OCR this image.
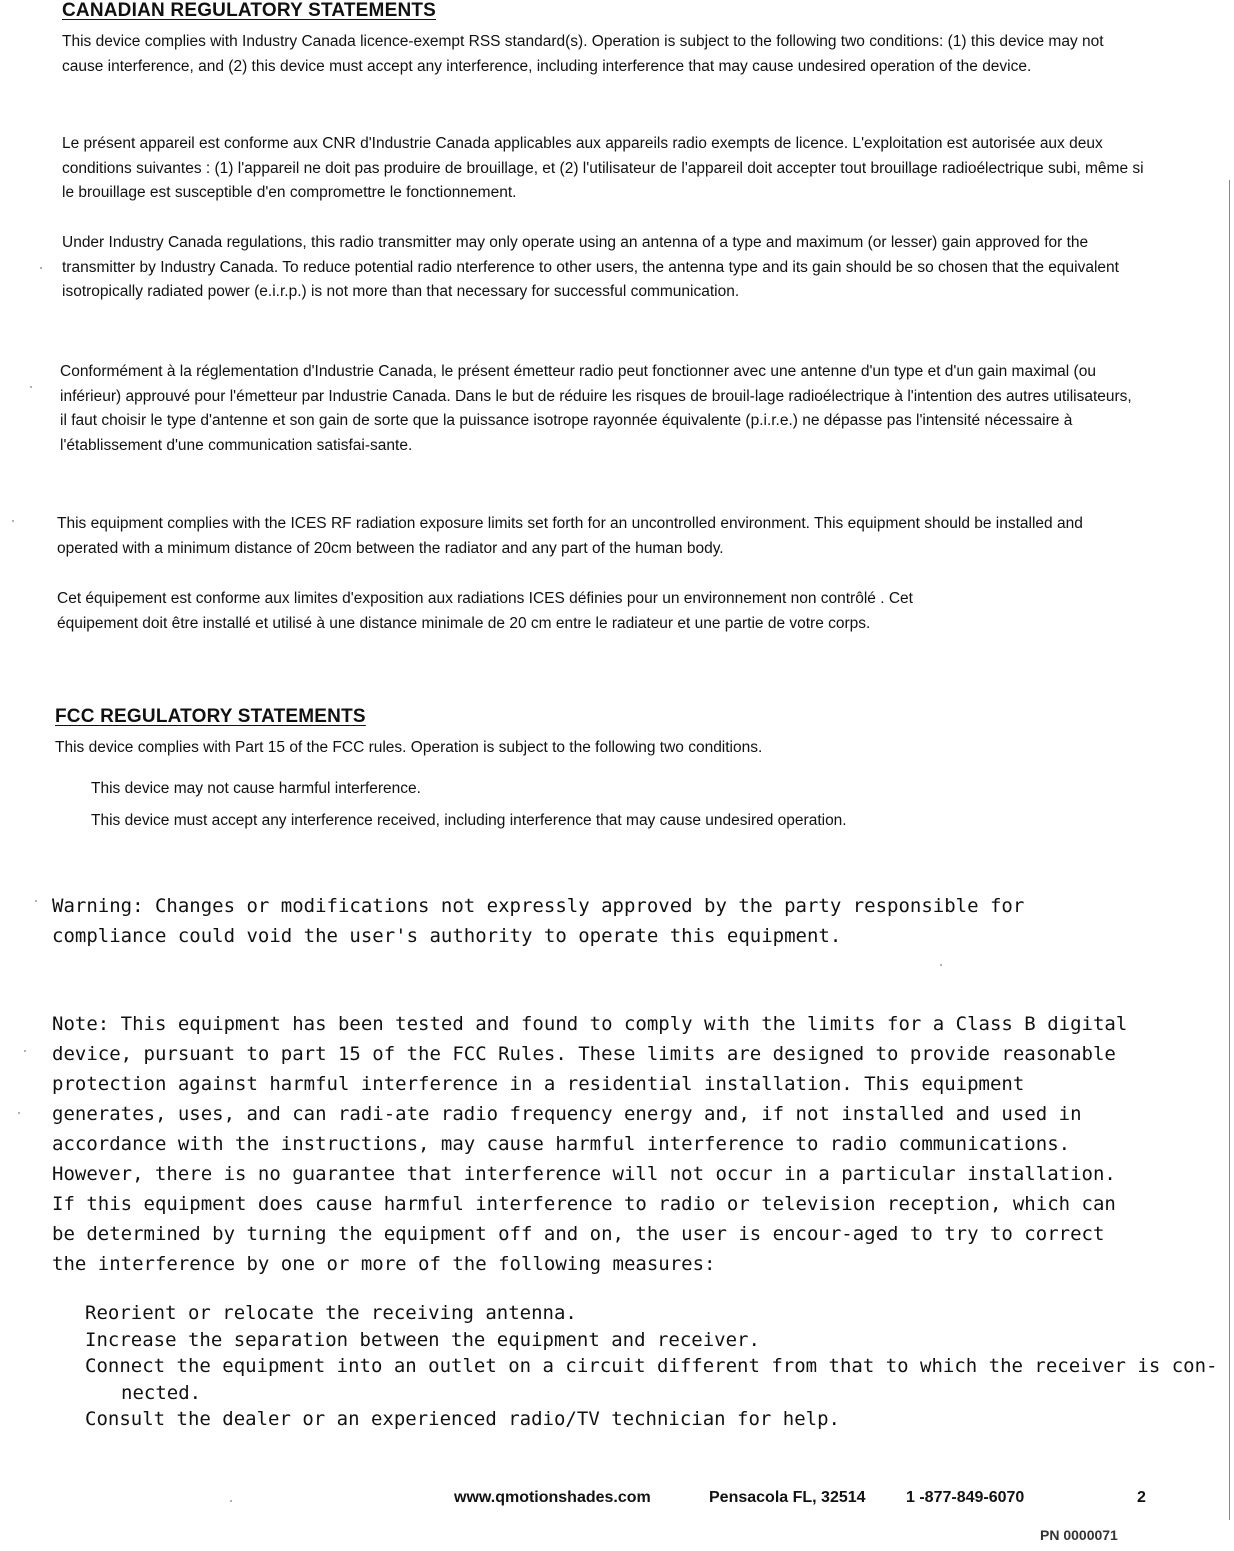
CANADIAN REGULATORY STATEMENTS
This device complies with Industry Canada licence-exempt RSS standard(s). Operation is subject to the following two conditions: (1) this device may not cause interference, and (2) this device must accept any interference, including interference that may cause undesired operation of the device.
Le présent appareil est conforme aux CNR d'Industrie Canada applicables aux appareils radio exempts de licence. L'exploitation est autorisée aux deux conditions suivantes : (1) l'appareil ne doit pas produire de brouillage, et (2) l'utilisateur de l'appareil doit accepter tout brouillage radioélectrique subi, même si le brouillage est susceptible d'en compromettre le fonctionnement.
Under Industry Canada regulations, this radio transmitter may only operate using an antenna of a type and maximum (or lesser) gain approved for the transmitter by Industry Canada. To reduce potential radio nterference to other users, the antenna type and its gain should be so chosen that the equivalent isotropically radiated power (e.i.r.p.) is not more than that necessary for successful communication.
Conformément à la réglementation d'Industrie Canada, le présent émetteur radio peut fonctionner avec une antenne d'un type et d'un gain maximal (ou inférieur) approuvé pour l'émetteur par Industrie Canada. Dans le but de réduire les risques de brouil-lage radioélectrique à l'intention des autres utilisateurs, il faut choisir le type d'antenne et son gain de sorte que la puissance isotrope rayonnée équivalente (p.i.r.e.) ne dépasse pas l'intensité nécessaire à l'établissement d'une communication satisfai-sante.
This equipment complies with the ICES RF radiation exposure limits set forth for an uncontrolled environment. This equipment should be installed and operated with a minimum distance of 20cm between the radiator and any part of the human body.
Cet équipement est conforme aux limites d'exposition aux radiations ICES définies pour un environnement non contrôlé . Cet équipement doit être installé et utilisé à une distance minimale de 20 cm entre le radiateur et une partie de votre corps.
FCC REGULATORY STATEMENTS
This device complies with Part 15 of the FCC rules. Operation is subject to the following two conditions.
This device may not cause harmful interference.
This device must accept any interference received, including interference that may cause undesired operation.
Warning: Changes or modifications not expressly approved by the party responsible for compliance could void the user's authority to operate this equipment.
Note: This equipment has been tested and found to comply with the limits for a Class B digital device, pursuant to part 15 of the FCC Rules. These limits are designed to provide reasonable protection against harmful interference in a residential installation. This equipment generates, uses, and can radi-ate radio frequency energy and, if not installed and used in accordance with the instructions, may cause harmful interference to radio communications. However, there is no guarantee that interference will not occur in a particular installation. If this equipment does cause harmful interference to radio or television reception, which can be determined by turning the equipment off and on, the user is encour-aged to try to correct the interference by one or more of the following measures:
Reorient or relocate the receiving antenna.
Increase the separation between the equipment and receiver.
Connect the equipment into an outlet on a circuit different from that to which the receiver is con-
nected.
Consult the dealer or an experienced radio/TV technician for help.
www.qmotionshades.com	Pensacola FL, 32514	1 -877-849-6070	2
PN 0000071
